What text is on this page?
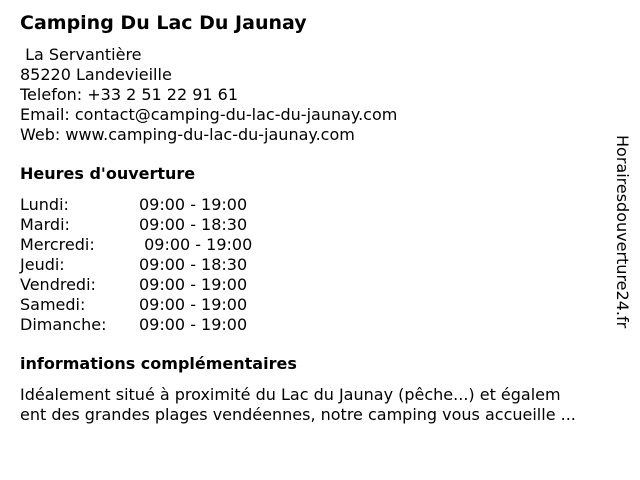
Camping Du Lac Du Jaunay
La Servantière
85220 Landevieille
Telefon: +33 2 51 22 91 61
Email: contact@camping-du-lac-du-jaunay.com
Web: www.camping-du-lac-du-jaunay.com
Heures d'ouverture
Lundi:	09:00 - 19:00
Mardi:	09:00 - 18:30
Mercredi:	09:00 - 19:00
Jeudi:	09:00 - 18:30
Vendredi:	09:00 - 19:00
Samedi:	09:00 - 19:00
Dimanche: 09:00 - 19:00
informations complémentaires
Idéalement situé à proximité du Lac du Jaunay (pêche...) et égalem
ent des grandes plages vendéennes, notre camping vous accueille ...
Horairesdouverture24.fr
